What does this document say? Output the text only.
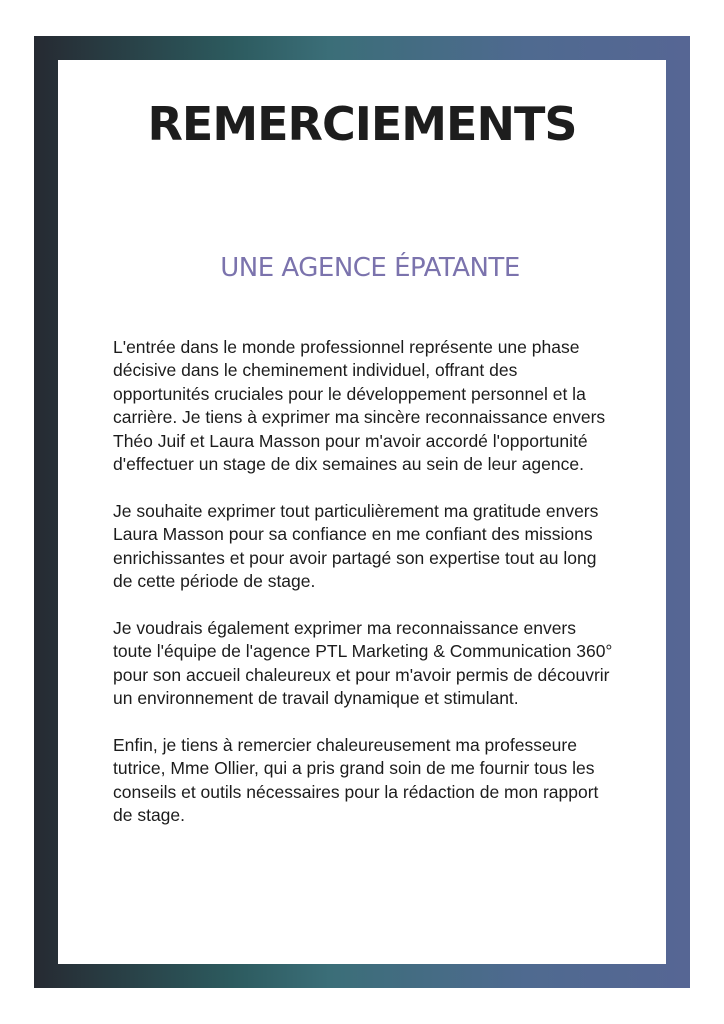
REMERCIEMENTS
UNE AGENCE ÉPATANTE

L'entrée dans le monde professionnel représente une phase décisive dans le cheminement individuel, offrant des opportunités cruciales pour le développement personnel et la carrière. Je tiens à exprimer ma sincère reconnaissance envers Théo Juif et Laura Masson pour m'avoir accordé l'opportunité d'effectuer un stage de dix semaines au sein de leur agence.

Je souhaite exprimer tout particulièrement ma gratitude envers Laura Masson pour sa confiance en me confiant des missions enrichissantes et pour avoir partagé son expertise tout au long de cette période de stage.

Je voudrais également exprimer ma reconnaissance envers toute l'équipe de l'agence PTL Marketing & Communication 360° pour son accueil chaleureux et pour m'avoir permis de découvrir un environnement de travail dynamique et stimulant.

Enfin, je tiens à remercier chaleureusement ma professeure tutrice, Mme Ollier, qui a pris grand soin de me fournir tous les conseils et outils nécessaires pour la rédaction de mon rapport de stage.
